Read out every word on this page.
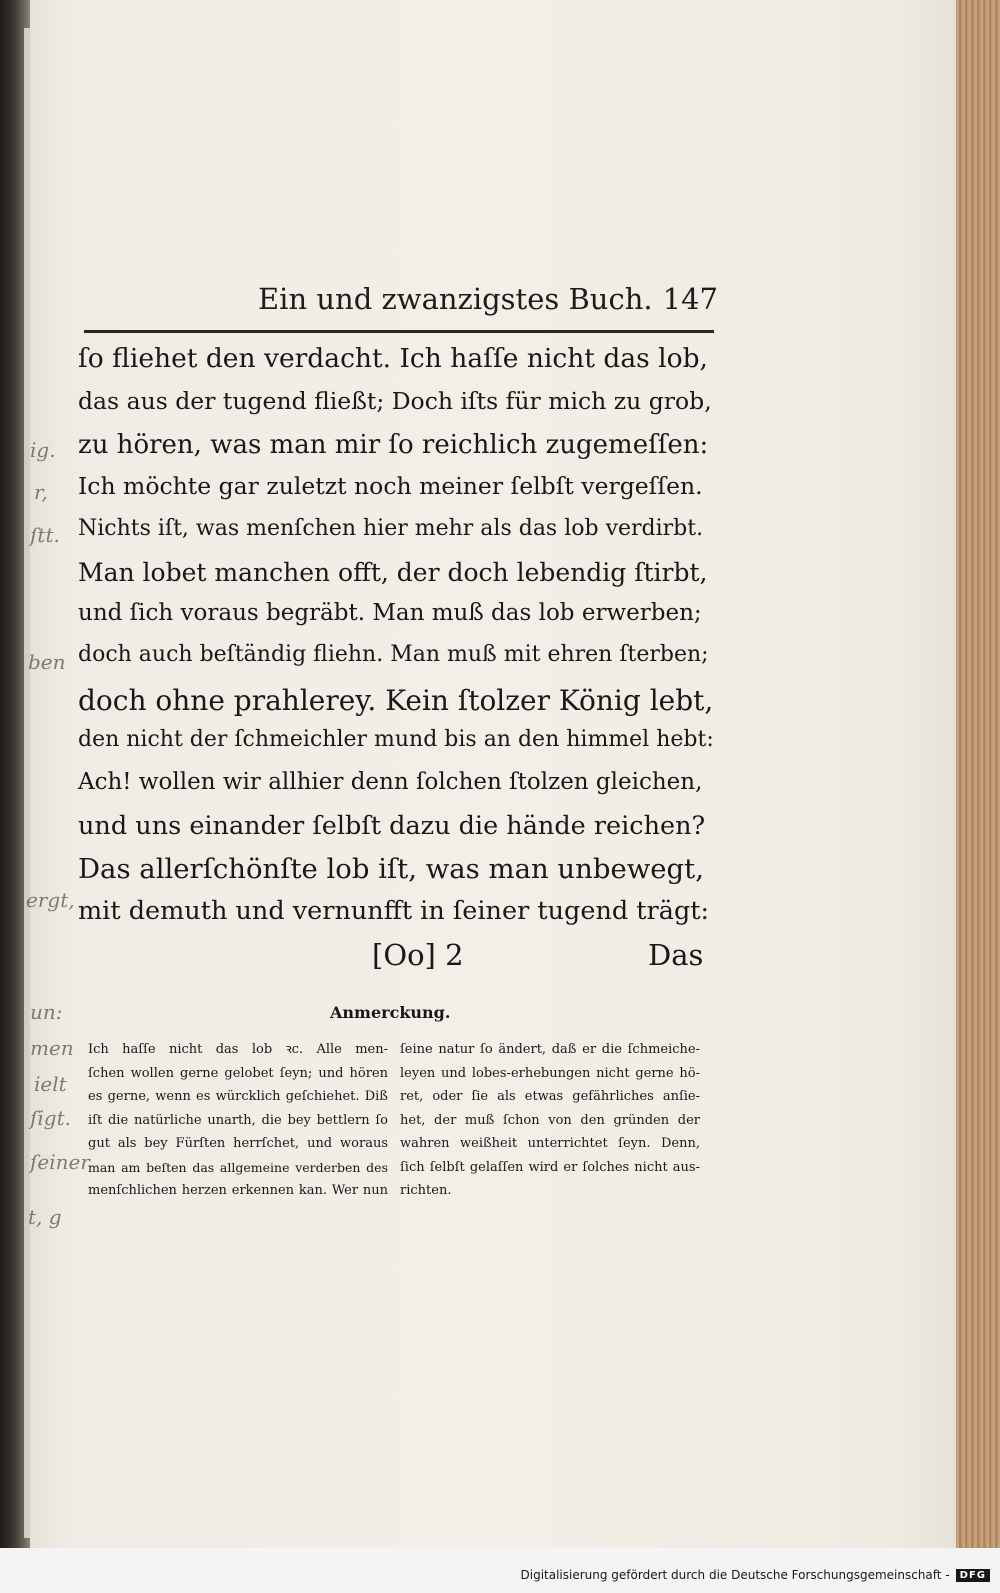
ig.
r,
ſtt.
ben
ergt,
un:
men
ielt
ſigt.
ſeiner
t, g
Ein und zwanzigstes Buch. 147
ſo fliehet den verdacht. Ich haſſe nicht das lob,
das aus der tugend fließt; Doch iſts für mich zu grob,
zu hören, was man mir ſo reichlich zugemeſſen:
Ich möchte gar zuletzt noch meiner ſelbſt vergeſſen.
Nichts iſt, was menſchen hier mehr als das lob verdirbt.
Man lobet manchen offt, der doch lebendig ſtirbt,
und ſich voraus begräbt. Man muß das lob erwerben;
doch auch beſtändig fliehn. Man muß mit ehren ſterben;
doch ohne prahlerey. Kein ſtolzer König lebt,
den nicht der ſchmeichler mund bis an den himmel hebt:
Ach! wollen wir allhier denn ſolchen ſtolzen gleichen,
und uns einander ſelbſt dazu die hände reichen?
Das allerſchönſte lob iſt, was man unbewegt,
mit demuth und vernunfft in ſeiner tugend trägt:
[Oo] 2	Das
Anmerckung.
Ich haſſe nicht das lob ꝛc. Alle men-
ſchen wollen gerne gelobet ſeyn; und hören
es gerne, wenn es würcklich geſchiehet. Diß
iſt die natürliche unarth, die bey bettlern ſo
gut als bey Fürſten herrſchet, und woraus
man am beſten das allgemeine verderben des
menſchlichen herzen erkennen kan. Wer nun
ſeine natur ſo ändert, daß er die ſchmeiche-
leyen und lobes-erhebungen nicht gerne hö-
ret, oder ſie als etwas gefährliches anſie-
het, der muß ſchon von den gründen der
wahren weißheit unterrichtet ſeyn. Denn,
ſich ſelbſt gelaſſen wird er ſolches nicht aus-
richten.
Digitalisierung gefördert durch die Deutsche Forschungsgemeinschaft -	DFG
